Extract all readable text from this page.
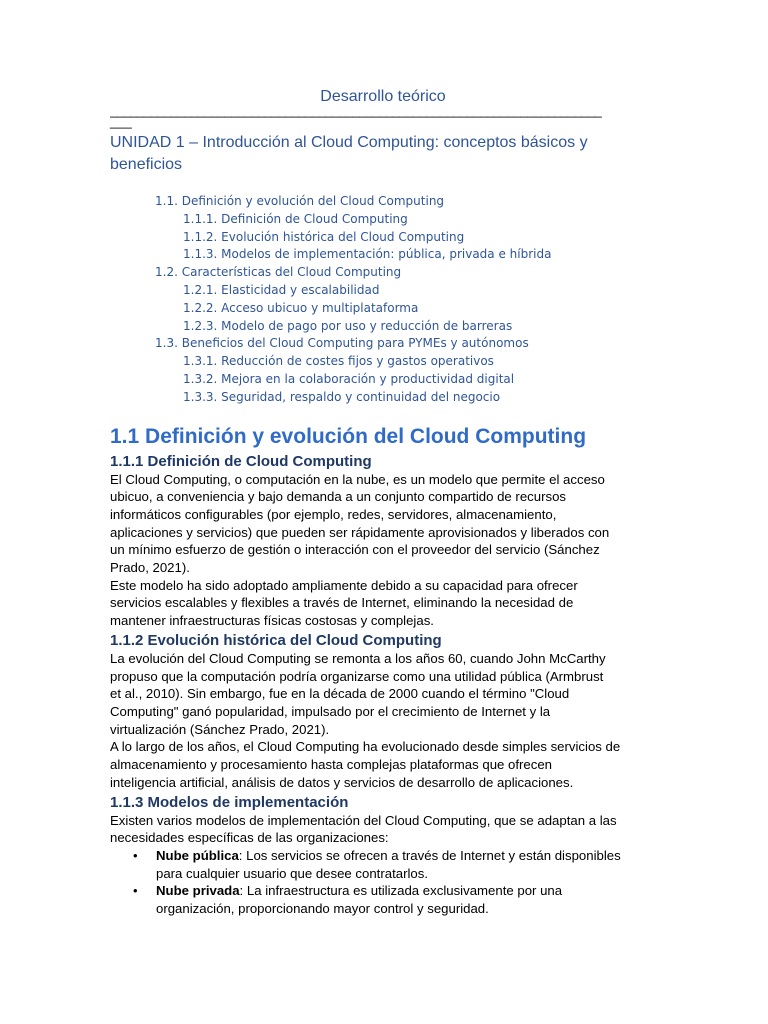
Desarrollo teórico

_________________________________________________________________________
___
UNIDAD 1 – Introducción al Cloud Computing: conceptos básicos y beneficios
1.1. Definición y evolución del Cloud Computing
1.1.1. Definición de Cloud Computing
1.1.2. Evolución histórica del Cloud Computing
1.1.3. Modelos de implementación: pública, privada e híbrida
1.2. Características del Cloud Computing
1.2.1. Elasticidad y escalabilidad
1.2.2. Acceso ubicuo y multiplataforma
1.2.3. Modelo de pago por uso y reducción de barreras
1.3. Beneficios del Cloud Computing para PYMEs y autónomos
1.3.1. Reducción de costes fijos y gastos operativos
1.3.2. Mejora en la colaboración y productividad digital
1.3.3. Seguridad, respaldo y continuidad del negocio
1.1 Definición y evolución del Cloud Computing
1.1.1 Definición de Cloud Computing
El Cloud Computing, o computación en la nube, es un modelo que permite el acceso
ubicuo, a conveniencia y bajo demanda a un conjunto compartido de recursos
informáticos configurables (por ejemplo, redes, servidores, almacenamiento,
aplicaciones y servicios) que pueden ser rápidamente aprovisionados y liberados con
un mínimo esfuerzo de gestión o interacción con el proveedor del servicio (Sánchez
Prado, 2021).
Este modelo ha sido adoptado ampliamente debido a su capacidad para ofrecer
servicios escalables y flexibles a través de Internet, eliminando la necesidad de
mantener infraestructuras físicas costosas y complejas.
1.1.2 Evolución histórica del Cloud Computing
La evolución del Cloud Computing se remonta a los años 60, cuando John McCarthy
propuso que la computación podría organizarse como una utilidad pública (Armbrust
et al., 2010). Sin embargo, fue en la década de 2000 cuando el término "Cloud
Computing" ganó popularidad, impulsado por el crecimiento de Internet y la
virtualización (Sánchez Prado, 2021).
A lo largo de los años, el Cloud Computing ha evolucionado desde simples servicios de
almacenamiento y procesamiento hasta complejas plataformas que ofrecen
inteligencia artificial, análisis de datos y servicios de desarrollo de aplicaciones.
1.1.3 Modelos de implementación
Existen varios modelos de implementación del Cloud Computing, que se adaptan a las
necesidades específicas de las organizaciones:
•	Nube pública: Los servicios se ofrecen a través de Internet y están disponibles
para cualquier usuario que desee contratarlos.
•	Nube privada: La infraestructura es utilizada exclusivamente por una
organización, proporcionando mayor control y seguridad.
